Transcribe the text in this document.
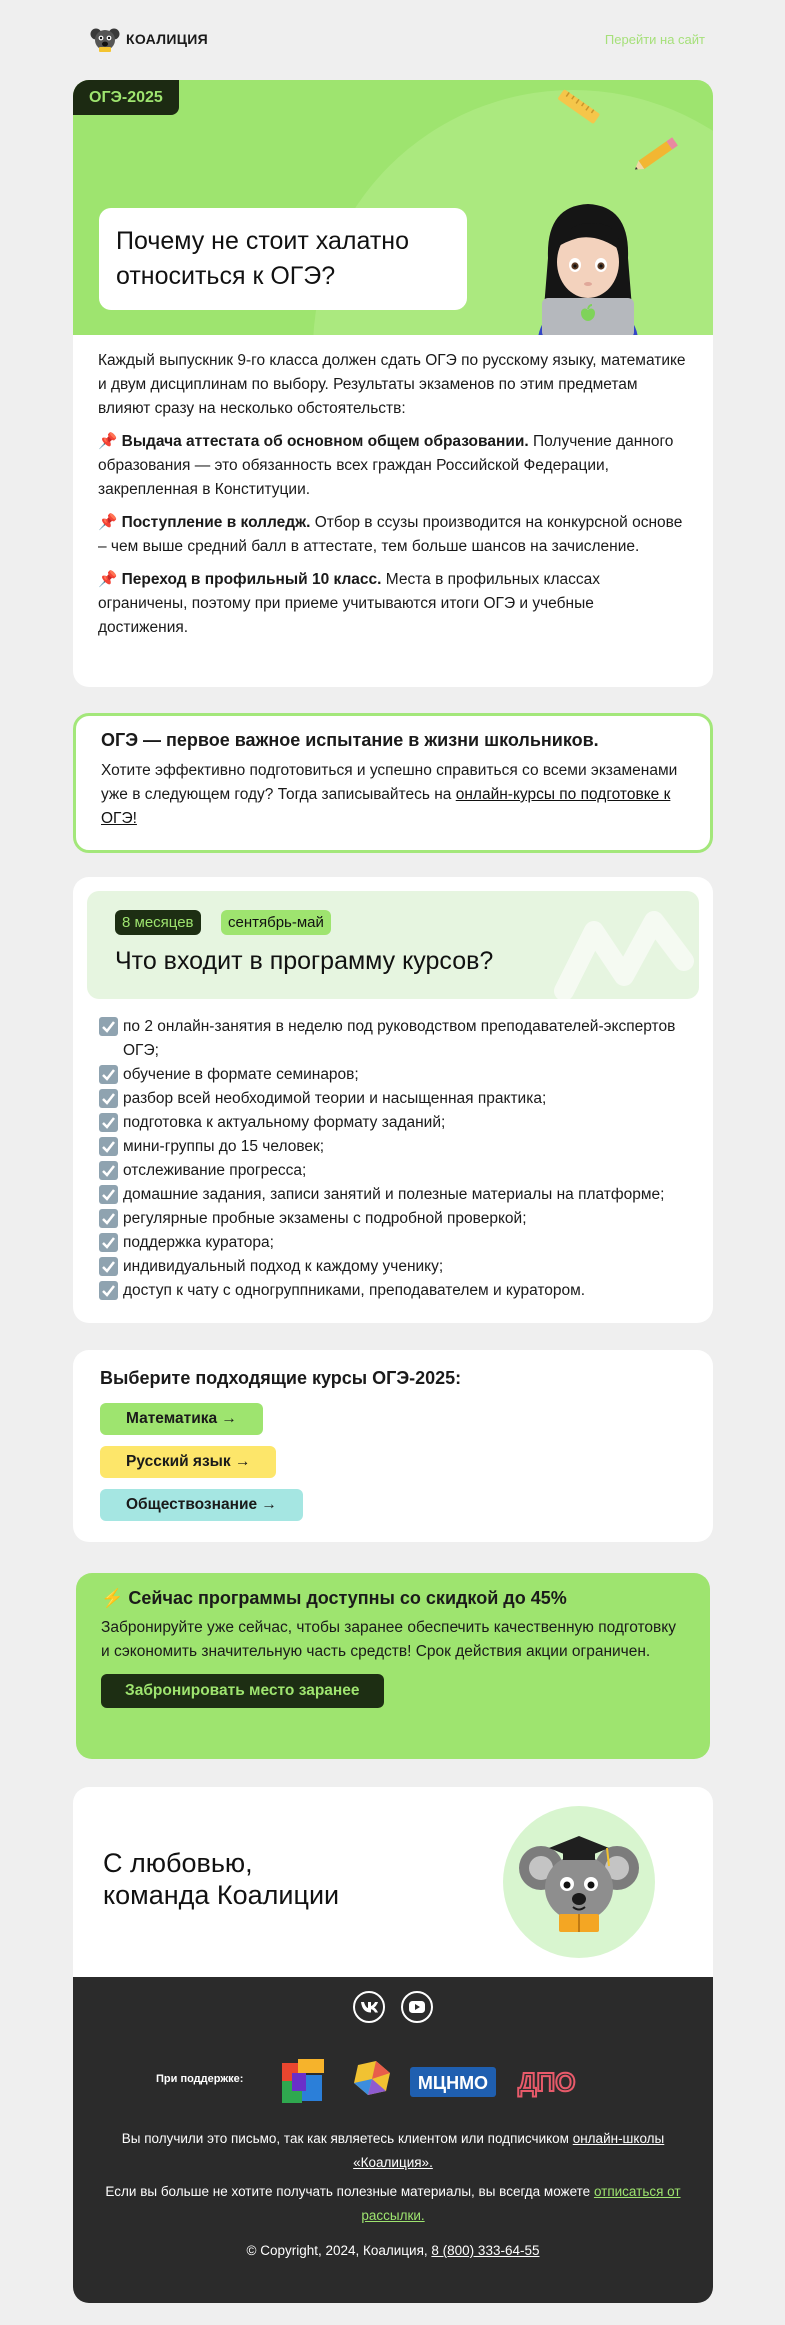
КОАЛИЦИЯ	Перейти на сайт
ОГЭ-2025
Почему не стоит халатно относиться к ОГЭ?

Каждый выпускник 9-го класса должен сдать ОГЭ по русскому языку, математике и двум дисциплинам по выбору. Результаты экзаменов по этим предметам влияют сразу на несколько обстоятельств:

📌 Выдача аттестата об основном общем образовании. Получение данного образования — это обязанность всех граждан Российской Федерации, закрепленная в Конституции.

📌 Поступление в колледж. Отбор в ссузы производится на конкурсной основе – чем выше средний балл в аттестате, тем больше шансов на зачисление.

📌 Переход в профильный 10 класс. Места в профильных классах ограничены, поэтому при приеме учитываются итоги ОГЭ и учебные достижения.

ОГЭ — первое важное испытание в жизни школьников.
Хотите эффективно подготовиться и успешно справиться со всеми экзаменами уже в следующем году? Тогда записывайтесь на онлайн-курсы по подготовке к ОГЭ!
8 месяцев	сентябрь-май
Что входит в программу курсов?
по 2 онлайн-занятия в неделю под руководством преподавателей-экспертов ОГЭ;
обучение в формате семинаров;
разбор всей необходимой теории и насыщенная практика;
подготовка к актуальному формату заданий;
мини-группы до 15 человек;
отслеживание прогресса;
домашние задания, записи занятий и полезные материалы на платформе;
регулярные пробные экзамены с подробной проверкой;
поддержка куратора;
индивидуальный подход к каждому ученику;
доступ к чату с одногруппниками, преподавателем и куратором.
Выберите подходящие курсы ОГЭ-2025:
Математика →
Русский язык →
Обществознание →
⚡ Сейчас программы доступны со скидкой до 45%
Забронируйте уже сейчас, чтобы заранее обеспечить качественную подготовку и сэкономить значительную часть средств! Срок действия акции ограничен.
Забронировать место заранее
С любовью,
команда Коалиции
При поддержке:	МЦНМО ДПО
Вы получили это письмо, так как являетесь клиентом или подписчиком онлайн-школы «Коалиция».
Если вы больше не хотите получать полезные материалы, вы всегда можете отписаться от рассылки.
© Copyright, 2024, Коалиция, 8 (800) 333-64-55
